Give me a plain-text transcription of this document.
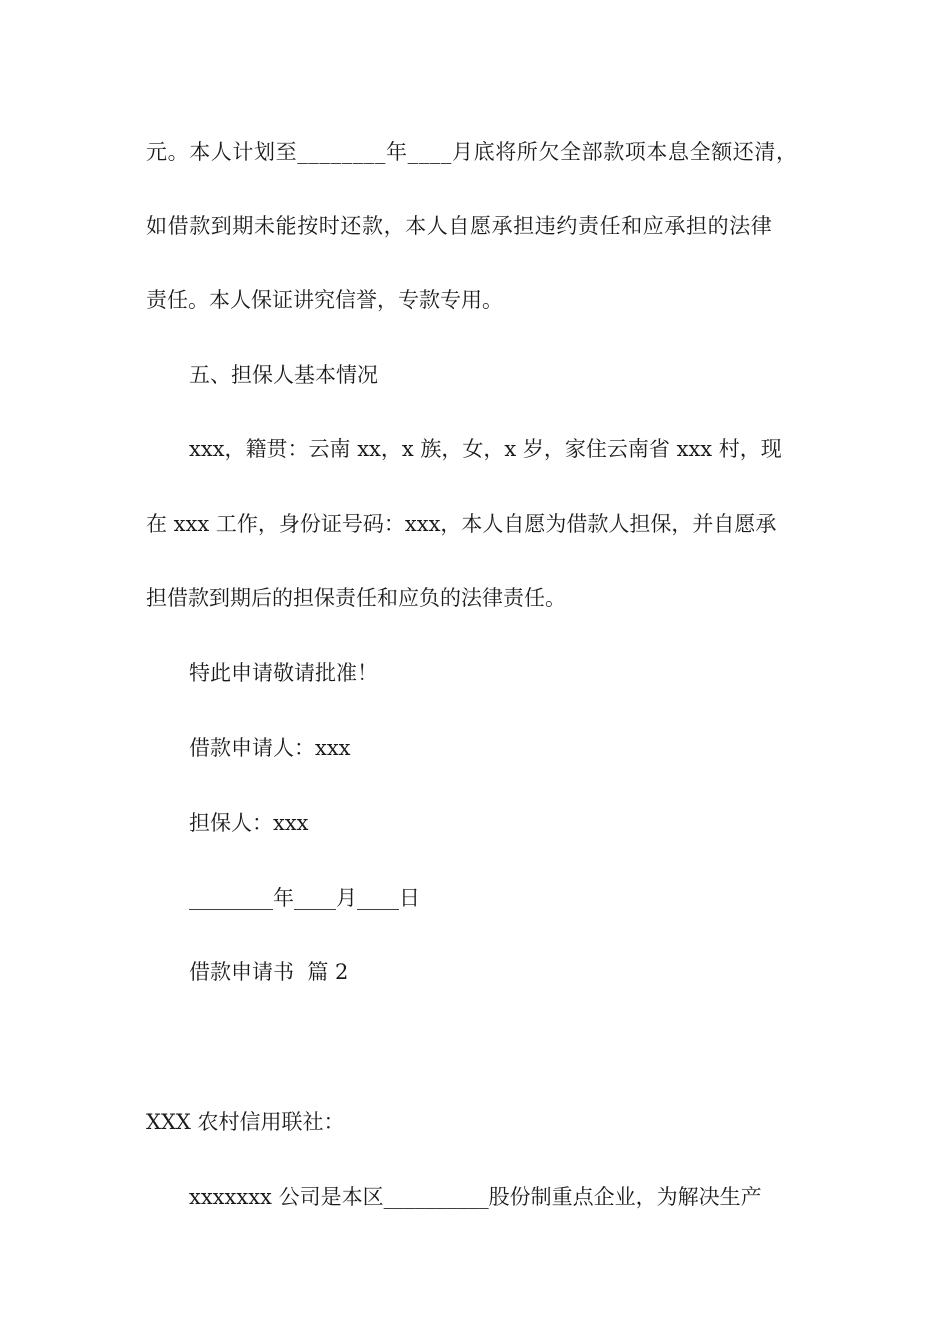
元。本人计划至________年____月底将所欠全部款项本息全额还清，
如借款到期未能按时还款，本人自愿承担违约责任和应承担的法律
责任。本人保证讲究信誉，专款专用。
五、担保人基本情况
xxx，籍贯：云南 xx，x 族，女，x 岁，家住云南省 xxx 村，现
在 xxx 工作，身份证号码：xxx，本人自愿为借款人担保，并自愿承
担借款到期后的担保责任和应负的法律责任。
特此申请敬请批准！
借款申请人：xxx
担保人：xxx
________年____月____日
借款申请书  篇 2
XXX 农村信用联社：
xxxxxxx 公司是本区__________股份制重点企业，为解决生产
